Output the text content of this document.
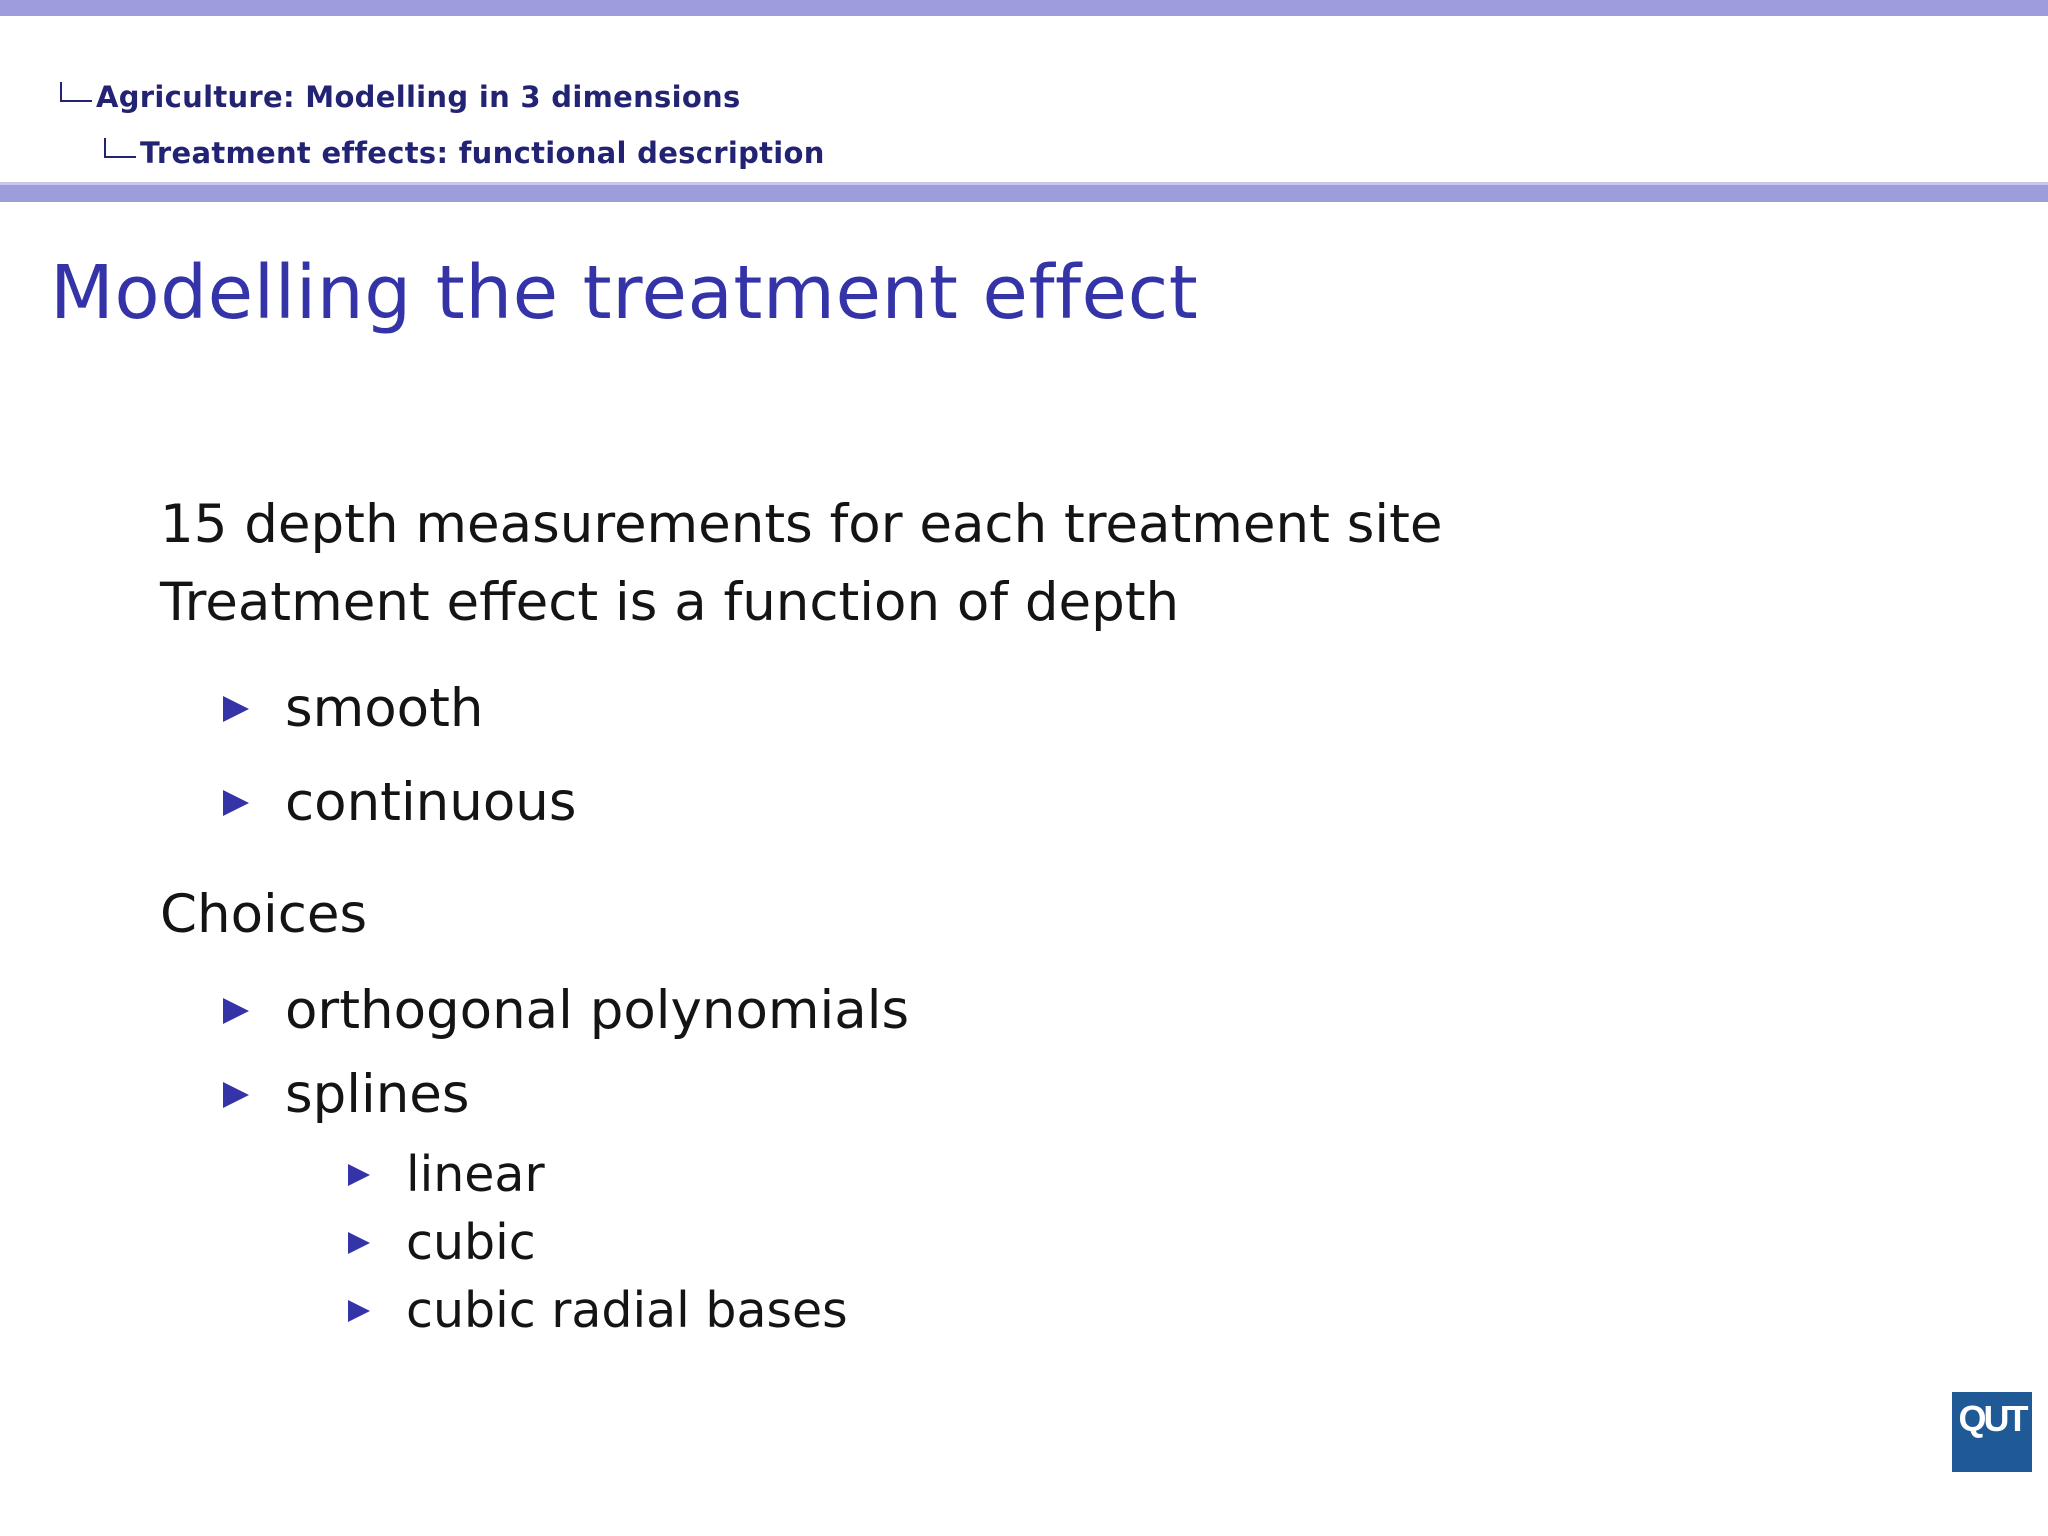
Agriculture: Modelling in 3 dimensions
Treatment effects: functional description
Modelling the treatment effect
15 depth measurements for each treatment site
Treatment effect is a function of depth
smooth
continuous
Choices
orthogonal polynomials
splines
linear
cubic
cubic radial bases
QUT
